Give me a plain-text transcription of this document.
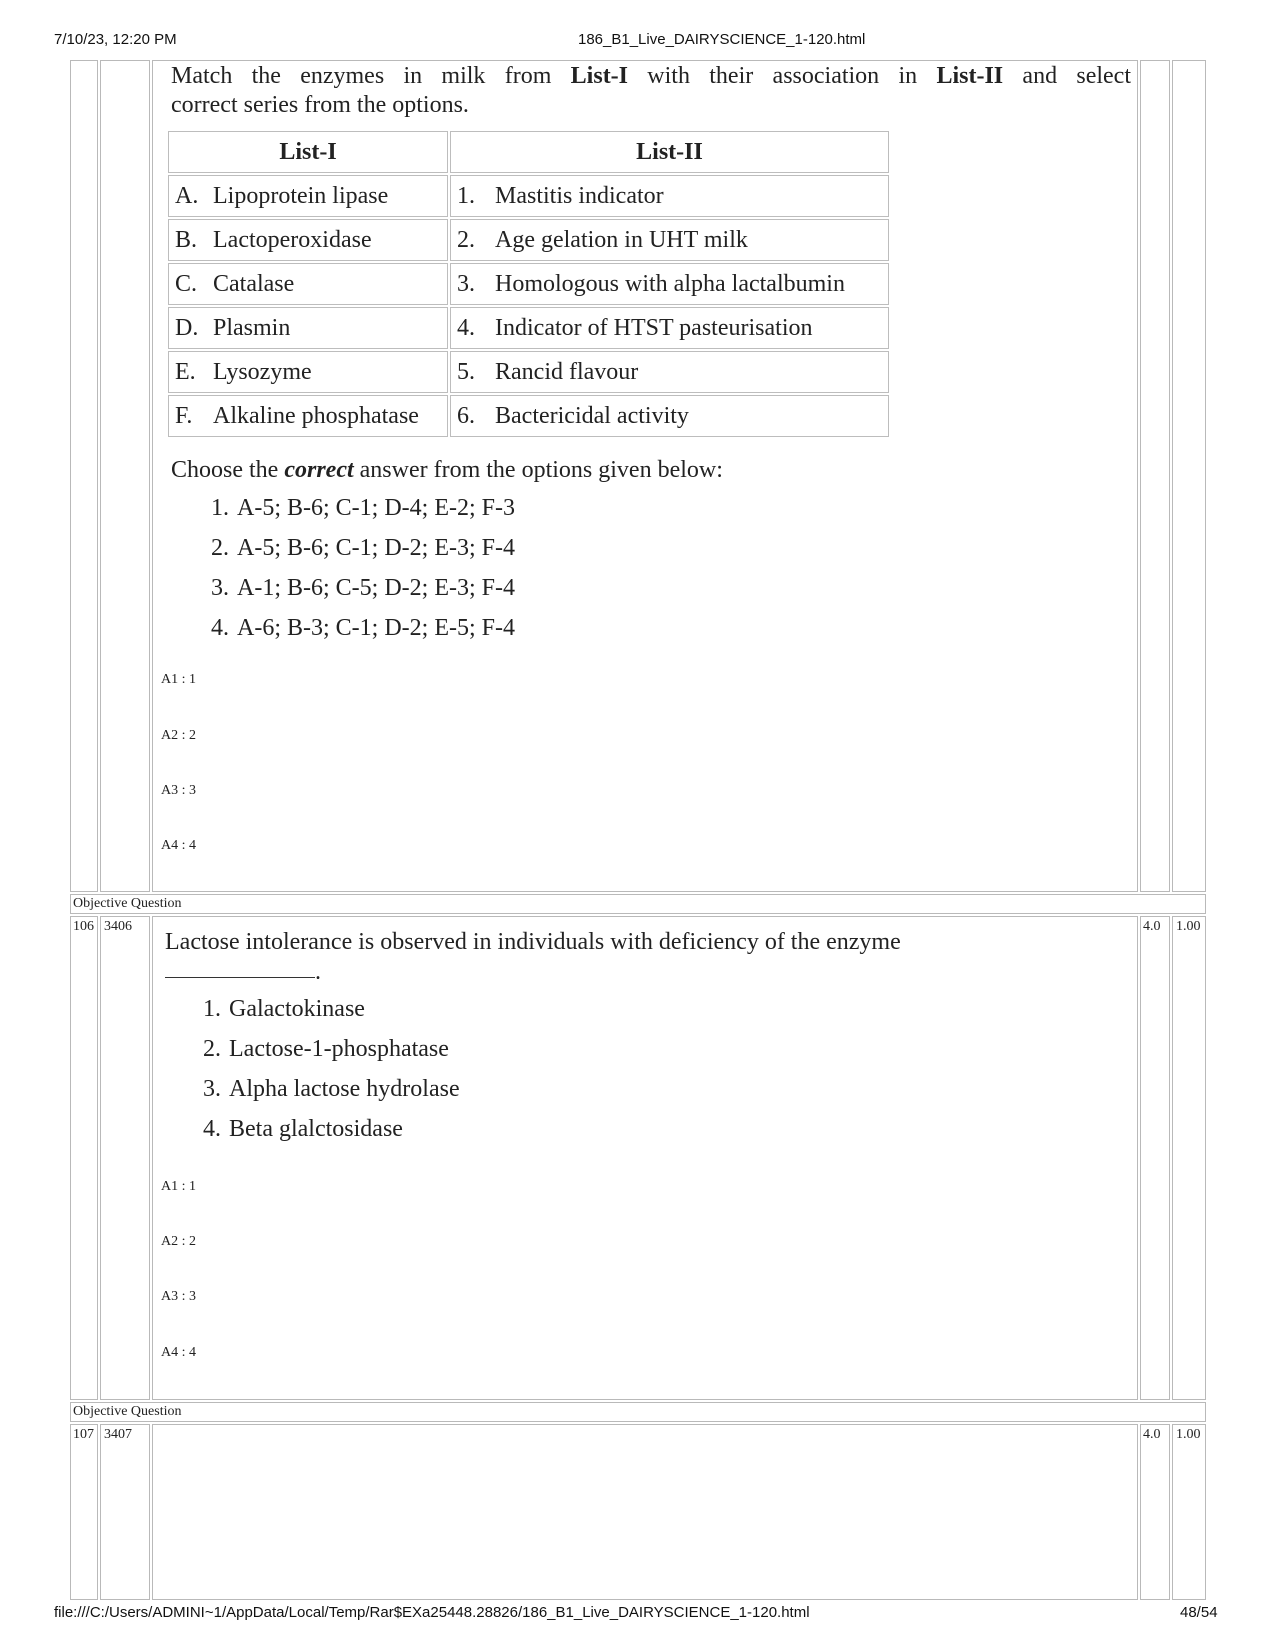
7/10/23, 12:20 PM	186_B1_Live_DAIRYSCIENCE_1-120.html
file:///C:/Users/ADMINI~1/AppData/Local/Temp/Rar$EXa25448.28826/186_B1_Live_DAIRYSCIENCE_1-120.html	48/54
Match the enzymes in milk from List-I with their association in List-II and select
correct series from the options.
List-I	List-II
A. Lipoprotein lipase	1. Mastitis indicator
B. Lactoperoxidase	2. Age gelation in UHT milk
C. Catalase	3. Homologous with alpha lactalbumin
D. Plasmin	4. Indicator of HTST pasteurisation
E. Lysozyme	5. Rancid flavour
F. Alkaline phosphatase	6. Bactericidal activity
Choose the correct answer from the options given below:
1. A-5; B-6; C-1; D-4; E-2; F-3
2. A-5; B-6; C-1; D-2; E-3; F-4
3. A-1; B-6; C-5; D-2; E-3; F-4
4. A-6; B-3; C-1; D-2; E-5; F-4
A1 : 1
A2 : 2
A3 : 3
A4 : 4
Objective Question
106 3406
Lactose intolerance is observed in individuals with deficiency of the enzyme
.
1. Galactokinase
2. Lactose-1-phosphatase
3. Alpha lactose hydrolase
4. Beta glalctosidase
A1 : 1
A2 : 2
A3 : 3
A4 : 4
4.0	1.00
Objective Question
107 3407	4.0	1.00
